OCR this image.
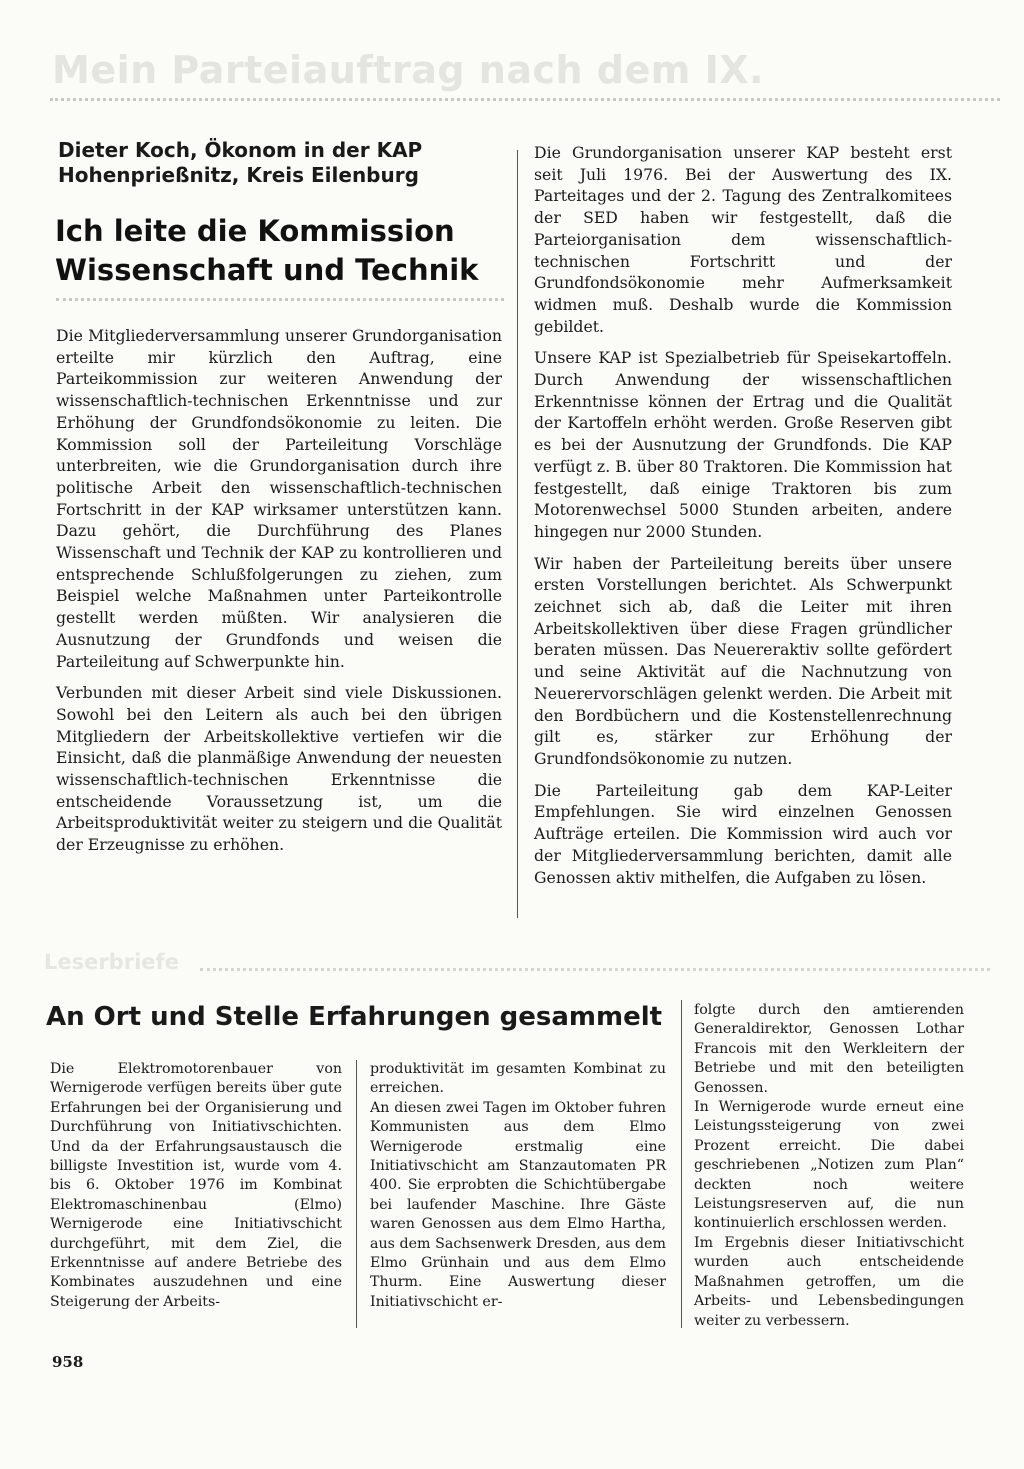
Mein Parteiauftrag nach dem IX.
Dieter Koch, Ökonom in der KAP Hohenprießnitz, Kreis Eilenburg
Ich leite die Kommission Wissenschaft und Technik

Die Mitgliederversammlung unserer Grundorganisation erteilte mir kürzlich den Auftrag, eine Parteikommission zur weiteren Anwendung der wissenschaftlich-technischen Erkenntnisse und zur Erhöhung der Grundfondsökonomie zu leiten. Die Kommission soll der Parteileitung Vorschläge unterbreiten, wie die Grundorganisation durch ihre politische Arbeit den wissenschaftlich-technischen Fortschritt in der KAP wirksamer unterstützen kann. Dazu gehört, die Durchführung des Planes Wissenschaft und Technik der KAP zu kontrollieren und entsprechende Schlußfolgerungen zu ziehen, zum Beispiel welche Maßnahmen unter Parteikontrolle gestellt werden müßten. Wir analysieren die Ausnutzung der Grundfonds und weisen die Parteileitung auf Schwerpunkte hin.

Verbunden mit dieser Arbeit sind viele Diskussionen. Sowohl bei den Leitern als auch bei den übrigen Mitgliedern der Arbeitskollektive vertiefen wir die Einsicht, daß die planmäßige Anwendung der neuesten wissenschaftlich-technischen Erkenntnisse die entscheidende Voraussetzung ist, um die Arbeitsproduktivität weiter zu steigern und die Qualität der Erzeugnisse zu erhöhen.

Die Grundorganisation unserer KAP besteht erst seit Juli 1976. Bei der Auswertung des IX. Parteitages und der 2. Tagung des Zentralkomitees der SED haben wir festgestellt, daß die Parteiorganisation dem wissenschaftlich-technischen Fortschritt und der Grundfondsökonomie mehr Aufmerksamkeit widmen muß. Deshalb wurde die Kommission gebildet.

Unsere KAP ist Spezialbetrieb für Speisekartoffeln. Durch Anwendung der wissenschaftlichen Erkenntnisse können der Ertrag und die Qualität der Kartoffeln erhöht werden. Große Reserven gibt es bei der Ausnutzung der Grundfonds. Die KAP verfügt z. B. über 80 Traktoren. Die Kommission hat festgestellt, daß einige Traktoren bis zum Motorenwechsel 5000 Stunden arbeiten, andere hingegen nur 2000 Stunden.

Wir haben der Parteileitung bereits über unsere ersten Vorstellungen berichtet. Als Schwerpunkt zeichnet sich ab, daß die Leiter mit ihren Arbeitskollektiven über diese Fragen gründlicher beraten müssen. Das Neuereraktiv sollte gefördert und seine Aktivität auf die Nachnutzung von Neuerervorschlägen gelenkt werden. Die Arbeit mit den Bordbüchern und die Kostenstellenrechnung gilt es, stärker zur Erhöhung der Grundfondsökonomie zu nutzen.

Die Parteileitung gab dem KAP-Leiter Empfehlungen. Sie wird einzelnen Genossen Aufträge erteilen. Die Kommission wird auch vor der Mitgliederversammlung berichten, damit alle Genossen aktiv mithelfen, die Aufgaben zu lösen.

Leserbriefe
An Ort und Stelle Erfahrungen gesammelt

Die Elektromotorenbauer von Wernigerode verfügen bereits über gute Erfahrungen bei der Organisierung und Durchführung von Initiativschichten. Und da der Erfahrungsaustausch die billigste Investition ist, wurde vom 4. bis 6. Oktober 1976 im Kombinat Elektromaschinenbau (Elmo) Wernigerode eine Initiativschicht durchgeführt, mit dem Ziel, die Erkenntnisse auf andere Betriebe des Kombinates auszudehnen und eine Steigerung der Arbeits-

produktivität im gesamten Kombinat zu erreichen.

An diesen zwei Tagen im Oktober fuhren Kommunisten aus dem Elmo Wernigerode erstmalig eine Initiativschicht am Stanzautomaten PR 400. Sie erprobten die Schichtübergabe bei laufender Maschine. Ihre Gäste waren Genossen aus dem Elmo Hartha, aus dem Sachsenwerk Dresden, aus dem Elmo Grünhain und aus dem Elmo Thurm. Eine Auswertung dieser Initiativschicht er-

folgte durch den amtierenden Generaldirektor, Genossen Lothar Francois mit den Werkleitern der Betriebe und mit den beteiligten Genossen.

In Wernigerode wurde erneut eine Leistungssteigerung von zwei Prozent erreicht. Die dabei geschriebenen „Notizen zum Plan“ deckten noch weitere Leistungsreserven auf, die nun kontinuierlich erschlossen werden.

Im Ergebnis dieser Initiativschicht wurden auch entscheidende Maßnahmen getroffen, um die Arbeits- und Lebensbedingungen weiter zu verbessern.

958
